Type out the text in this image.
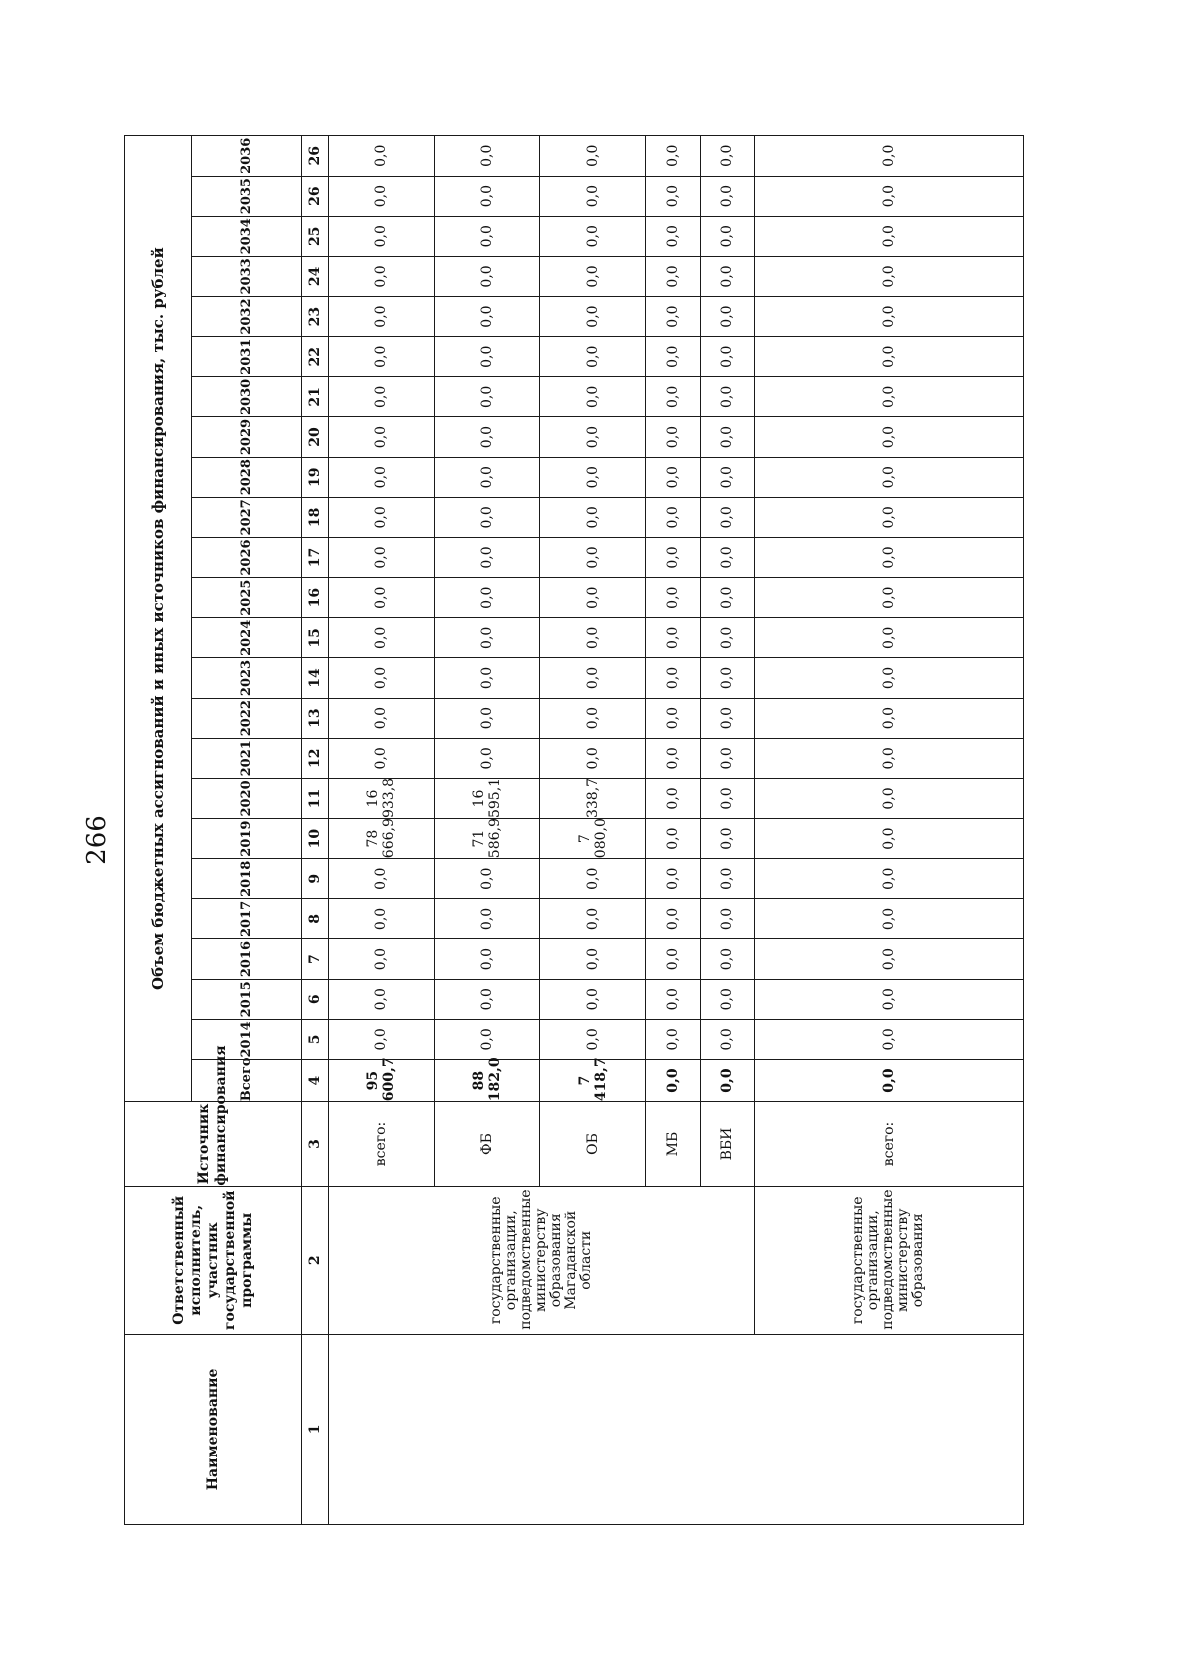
266
Наименование	Ответственный исполнитель, участник государственной программы	Источник финансирования	Объем бюджетных ассигнований и иных источников финансирования, тыс. рублей																							
			Всего	2014	2015	2016	2017	2018	2019	2020	2021	2022	2023	2024	2025	2026	2027	2028	2029	2030	2031	2032	2033	2034	2035	2036
1	2	3	4	5	6	7	8	9	10	11	12	13	14	15	16	17	18	19	20	21	22	23	24	25	26	26
	государственные организации, подведомственные министерству образования Магаданской области	всего:	95 600,7	0,0	0,0	0,0	0,0	0,0	78 666,9	16 933,8	0,0	0,0	0,0	0,0	0,0	0,0	0,0	0,0	0,0	0,0	0,0	0,0	0,0	0,0	0,0	0,0
		ФБ	88 182,0	0,0	0,0	0,0	0,0	0,0	71 586,9	16 595,1	0,0	0,0	0,0	0,0	0,0	0,0	0,0	0,0	0,0	0,0	0,0	0,0	0,0	0,0	0,0	0,0
		ОБ	7 418,7	0,0	0,0	0,0	0,0	0,0	7 080,0	338,7	0,0	0,0	0,0	0,0	0,0	0,0	0,0	0,0	0,0	0,0	0,0	0,0	0,0	0,0	0,0	0,0
		МБ	0,0	0,0	0,0	0,0	0,0	0,0	0,0	0,0	0,0	0,0	0,0	0,0	0,0	0,0	0,0	0,0	0,0	0,0	0,0	0,0	0,0	0,0	0,0	0,0
		ВБИ	0,0	0,0	0,0	0,0	0,0	0,0	0,0	0,0	0,0	0,0	0,0	0,0	0,0	0,0	0,0	0,0	0,0	0,0	0,0	0,0	0,0	0,0	0,0	0,0
	государственные организации, подведомственные министерству образования	всего:	0,0	0,0	0,0	0,0	0,0	0,0	0,0	0,0	0,0	0,0	0,0	0,0	0,0	0,0	0,0	0,0	0,0	0,0	0,0	0,0	0,0	0,0	0,0	0,0
